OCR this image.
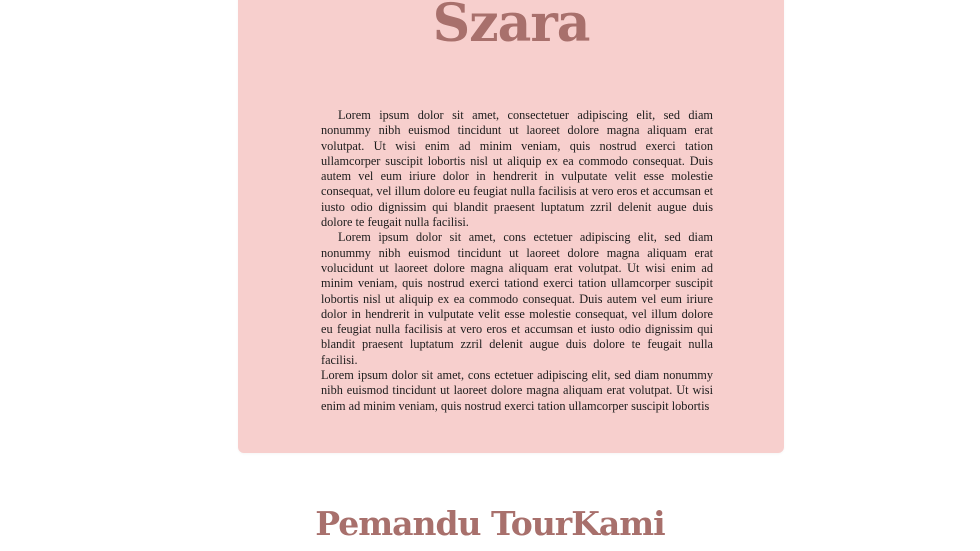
Szara

Lorem ipsum dolor sit amet, consectetuer adipiscing elit, sed diam nonummy nibh euismod tincidunt ut laoreet dolore magna aliquam erat volutpat. Ut wisi enim ad minim veniam, quis nostrud exerci tation ullamcorper suscipit lobortis nisl ut aliquip ex ea commodo consequat. Duis autem vel eum iriure dolor in hendrerit in vulputate velit esse molestie consequat, vel illum dolore eu feugiat nulla facilisis at vero eros et accumsan et iusto odio dignissim qui blandit praesent luptatum zzril delenit augue duis dolore te feugait nulla facilisi.

Lorem ipsum dolor sit amet, cons ectetuer adipiscing elit, sed diam nonummy nibh euismod tincidunt ut laoreet dolore magna aliquam erat volucidunt ut laoreet dolore magna aliquam erat volutpat. Ut wisi enim ad minim veniam, quis nostrud exerci tationd exerci tation ullamcorper suscipit lobortis nisl ut aliquip ex ea commodo consequat. Duis autem vel eum iriure dolor in hendrerit in vulputate velit esse molestie consequat, vel illum dolore eu feugiat nulla facilisis at vero eros et accumsan et iusto odio dignissim qui blandit praesent luptatum zzril delenit augue duis dolore te feugait nulla facilisi.

Lorem ipsum dolor sit amet, cons ectetuer adipiscing elit, sed diam nonummy nibh euismod tincidunt ut laoreet dolore magna aliquam erat volutpat. Ut wisi enim ad minim veniam, quis nostrud exerci tation ullamcorper suscipit lobortis

Pemandu TourKami
